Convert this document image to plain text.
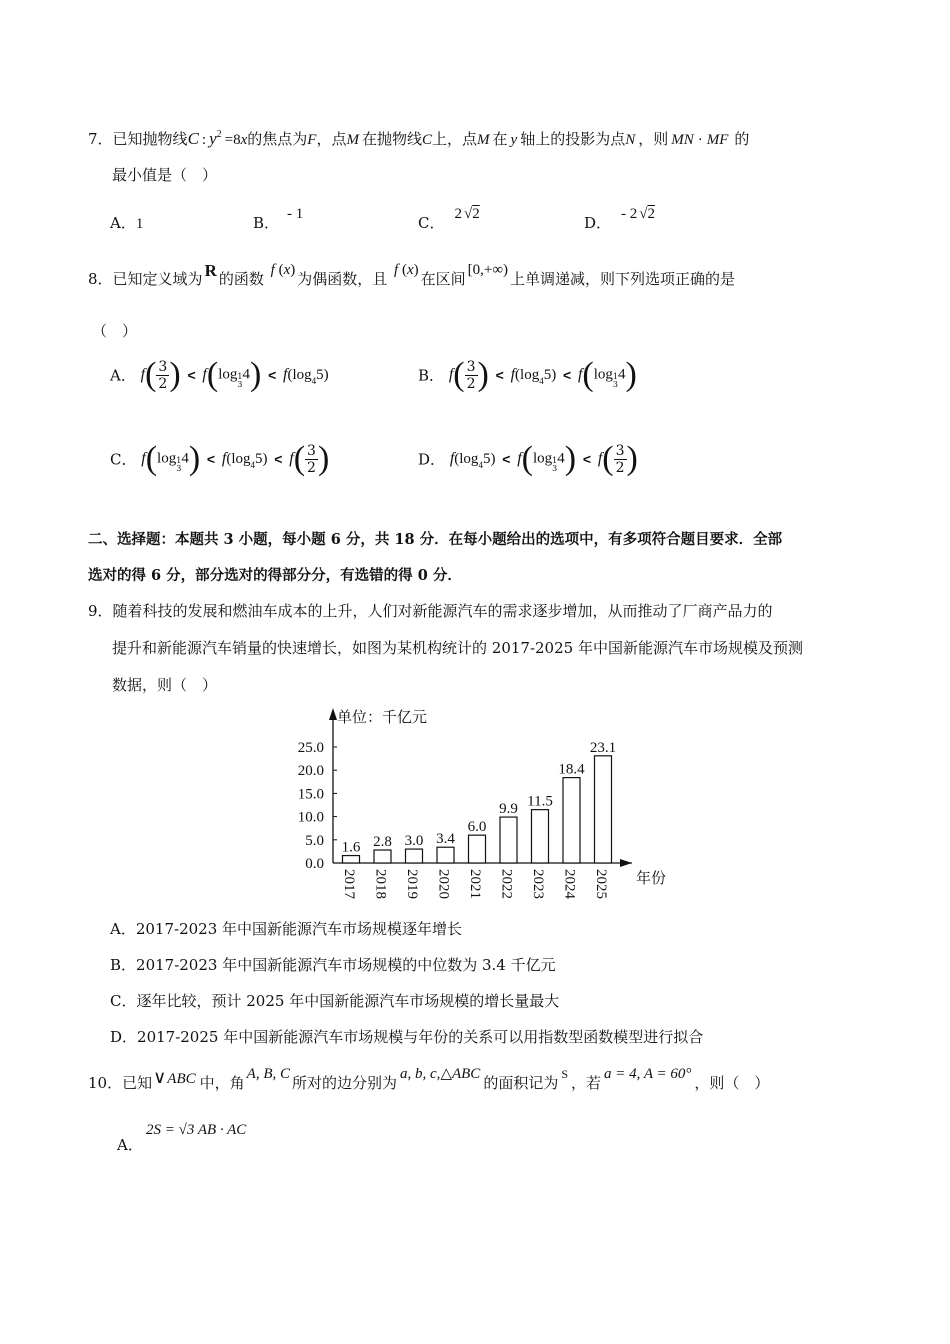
7．已知抛物线C : $y^2 =8x$的焦点为F，点M 在抛物线C上，点M 在 y 轴上的投影为点N ，则 MN · MF 的
最小值是（　）
A．1	B． - 1	C． 2 √2	D． - 2 √2
8．已知定义域为 R 的函数 f (x) 为偶函数，且 f (x) 在区间 [0,+∞) 上单调递减，则下列选项正确的是
（　）
A． $f( \frac{3}{2}$ ) < f(log 1
3
$4) < f(\log_45)$	B． $f( \frac{3}{2}$ ) < $f(\log_45) < f(\log$ 1
3
4)
C． f(log 1
3
$4) < f(\log_45) < f( \frac{3}{2}$ )	D． $f(\log_45) < f(\log$ 1
3
$4) < f( \frac{3}{2}$ )
二、选择题：本题共 3 小题，每小题 6 分，共 18 分．在每小题给出的选项中，有多项符合题目要求．全部
选对的得 6 分，部分选对的得部分分，有选错的得 0 分．
9．随着科技的发展和燃油车成本的上升，人们对新能源汽车的需求逐步增加，从而推动了厂商产品力的
提升和新能源汽车销量的快速增长，如图为某机构统计的 2017-2025 年中国新能源汽车市场规模及预测
数据，则（　）
单位：千亿元
年份
0.0
5.0
10.0
15.0
20.0
25.0
1.6
2017
2.8
2018
3.0
2019
3.4
2020
6.0
2021
9.9
2022
11.5
2023
18.4
2024
23.1
2025
A．2017-2023 年中国新能源汽车市场规模逐年增长
B．2017-2023 年中国新能源汽车市场规模的中位数为 3.4 千亿元
C．逐年比较，预计 2025 年中国新能源汽车市场规模的增长量最大
D．2017-2025 年中国新能源汽车市场规模与年份的关系可以用指数型函数模型进行拟合
10．已知∨ABC 中，角 A, B, C 所对的边分别为 a, b, c,△ABC 的面积记为 $^S$ ，若 a = 4, A = 60° ，则（　）
A．
2S = √3 AB · AC
